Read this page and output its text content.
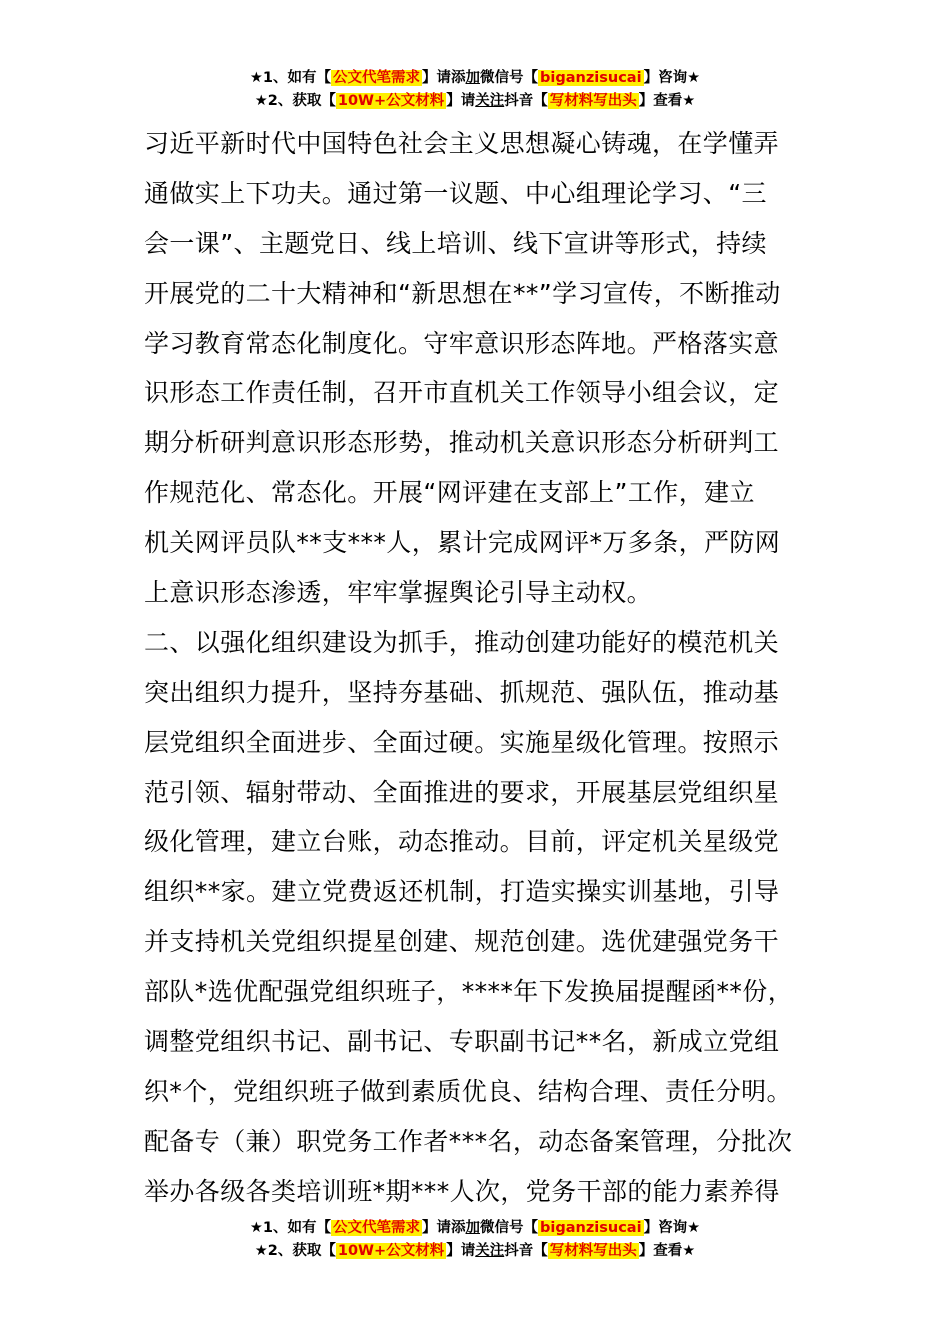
★1、如有【 公文代笔需求 】请添加微信号【 biganzisucai 】咨询★
★2、获取【 10W+公文材料 】请关注抖音【 写材料写出头 】查看★
习近平新时代中国特色社会主义思想凝心铸魂，在学懂弄
通做实上下功夫。通过第一议题、中心组理论学习、“三
会一课”、主题党日、线上培训、线下宣讲等形式，持续
开展党的二十大精神和“新思想在**”学习宣传，不断推动
学习教育常态化制度化。守牢意识形态阵地。严格落实意
识形态工作责任制，召开市直机关工作领导小组会议，定
期分析研判意识形态形势，推动机关意识形态分析研判工
作规范化、常态化。开展“网评建在支部上”工作，建立
机关网评员队**支***人，累计完成网评*万多条，严防网
上意识形态渗透，牢牢掌握舆论引导主动权。
二、以强化组织建设为抓手，推动创建功能好的模范机关
突出组织力提升，坚持夯基础、抓规范、强队伍，推动基
层党组织全面进步、全面过硬。实施星级化管理。按照示
范引领、辐射带动、全面推进的要求，开展基层党组织星
级化管理，建立台账，动态推动。目前，评定机关星级党
组织**家。建立党费返还机制，打造实操实训基地，引导
并支持机关党组织提星创建、规范创建。选优建强党务干
部队*选优配强党组织班子，****年下发换届提醒函**份，
调整党组织书记、副书记、专职副书记**名，新成立党组
织*个，党组织班子做到素质优良、结构合理、责任分明。
配备专（兼）职党务工作者***名，动态备案管理，分批次
举办各级各类培训班*期***人次，党务干部的能力素养得
★1、如有【 公文代笔需求 】请添加微信号【 biganzisucai 】咨询★
★2、获取【 10W+公文材料 】请关注抖音【 写材料写出头 】查看★
